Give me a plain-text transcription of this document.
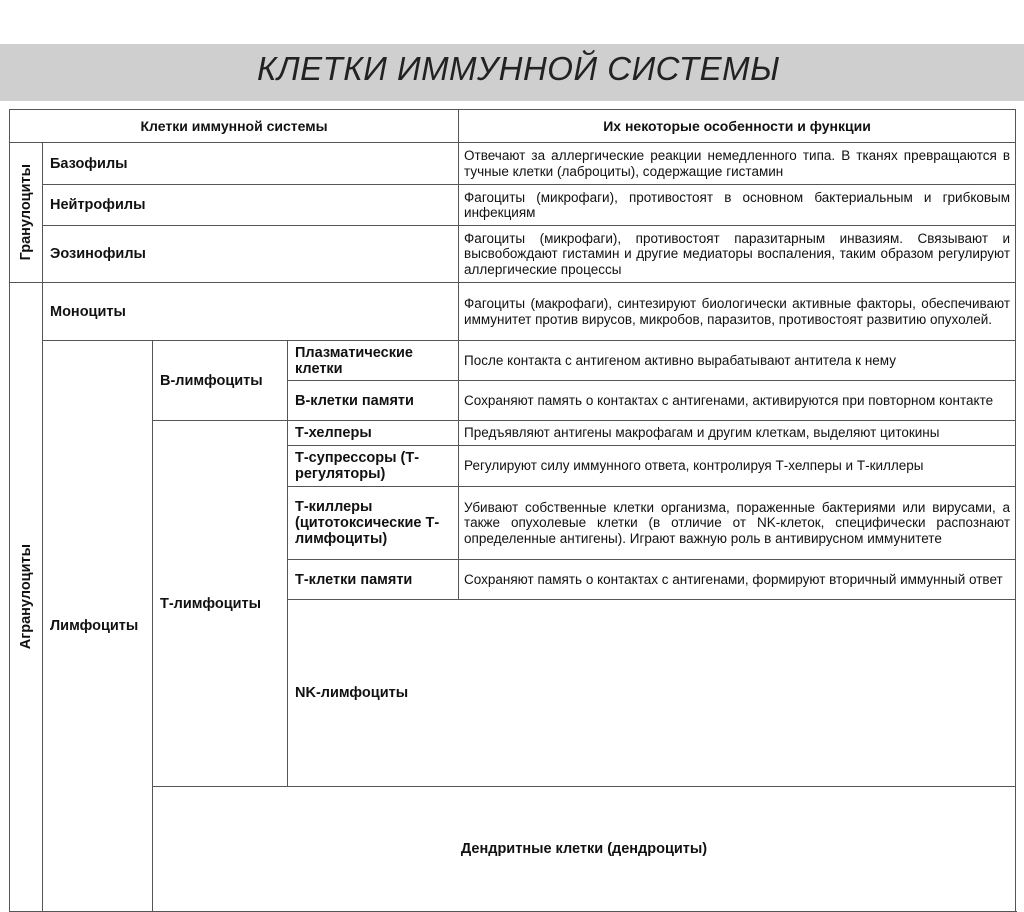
КЛЕТКИ ИММУННОЙ СИСТЕМЫ
Клетки иммунной системы				Их некоторые особенности и функции	

Гранулоциты	Базофилы			Отвечают за аллергические реакции немедленного типа. В тканях превращаются в тучные клетки (лаброциты), содержащие гистамин	
	Нейтрофилы			Фагоциты (микрофаги), противостоят в основном бактериальным и грибковым инфекциям	
	Эозинофилы			Фагоциты (микрофаги), противостоят паразитарным инвазиям. Связывают и высвобождают гистамин и другие медиаторы воспаления, таким образом регулируют аллергические процессы	

Агранулоциты	Моноциты			Фагоциты (макрофаги), синтезируют биологически активные факторы, обеспечивают иммунитет против вирусов, микробов, паразитов, противостоят развитию опухолей.	
	Лимфоциты	В-лимфоциты	Плазматические клетки	После контакта с антигеном активно вырабатывают антитела к нему	
			В-клетки памяти	Сохраняют память о контактах с антигенами, активируются при повторном контакте	
		Т-лимфоциты	Т-хелперы	Предъявляют антигены макрофагам и другим клеткам, выделяют цитокины	
			Т-супрессоры (Т-регуляторы)	Регулируют силу иммунного ответа, контролируя Т-хелперы и Т-киллеры	
			Т-киллеры (цитотоксические Т-лимфоциты)	Убивают собственные клетки организма, пораженные бактериями или вирусами, а также опухолевые клетки (в отличие от NK-клеток, специфически распознают определенные антигены). Играют важную роль в антивирусном иммунитете	
			Т-клетки памяти	Сохраняют память о контактах с антигенами, формируют вторичный иммунный ответ	
			NK-лимфоциты	
		Дендритные клетки (дендроциты)	
